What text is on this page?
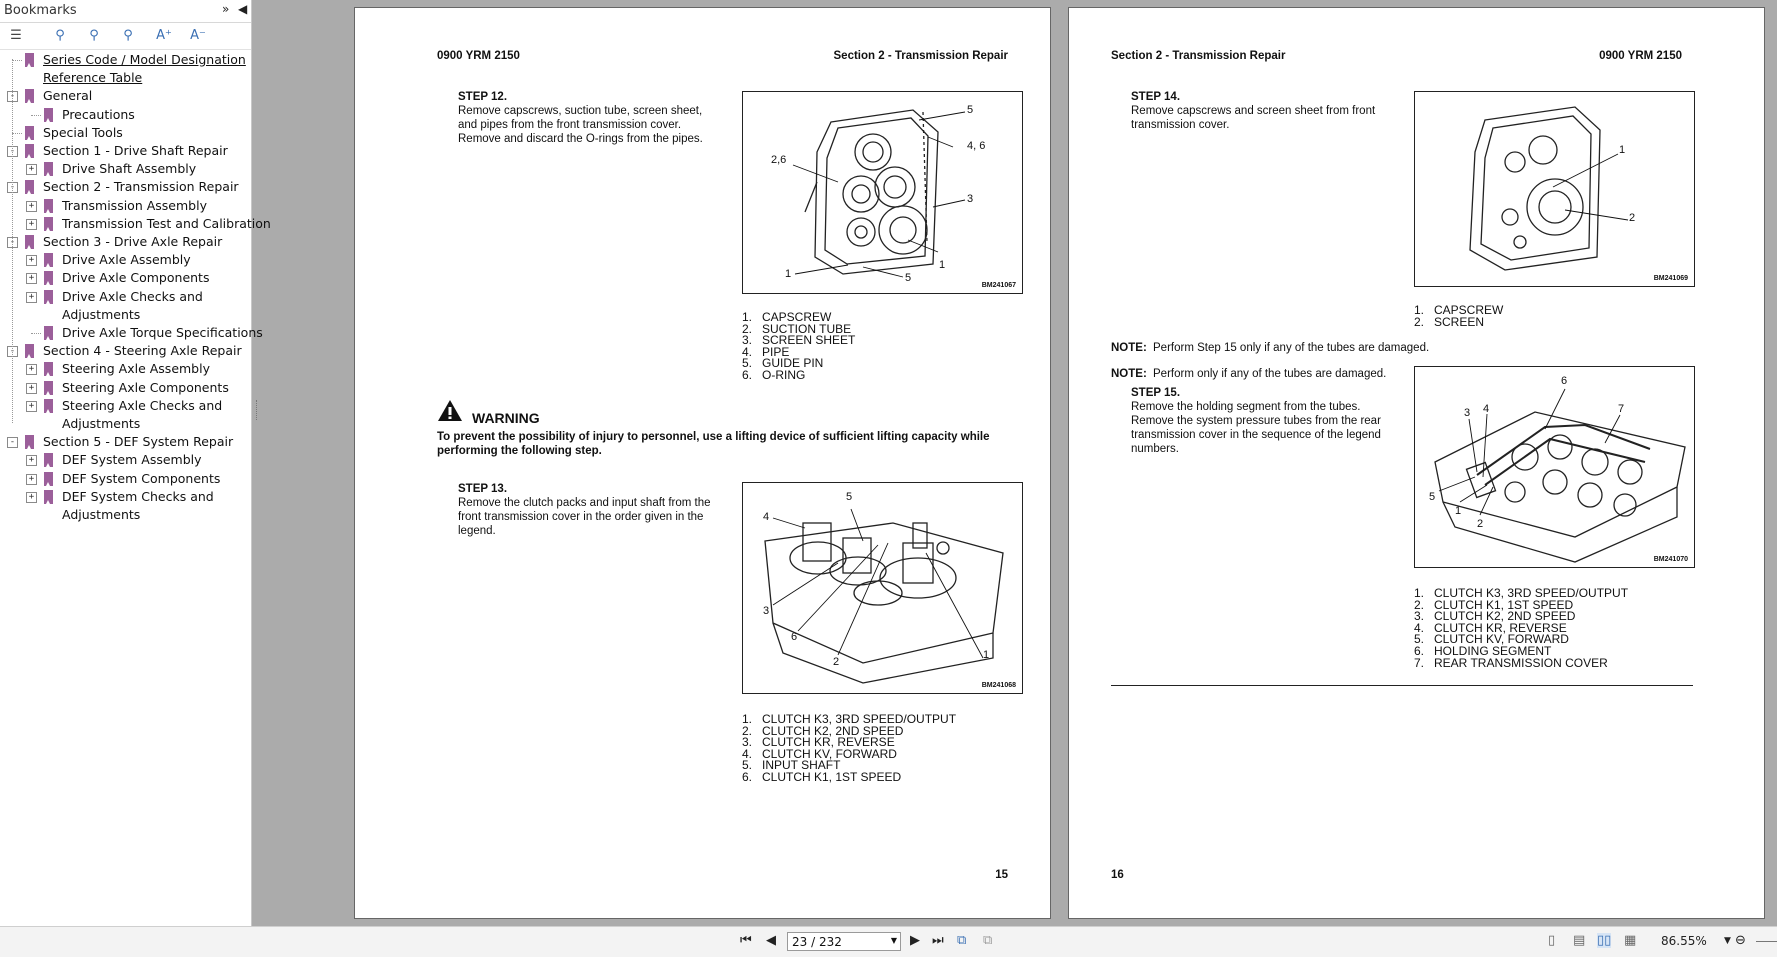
Bookmarks	» ◀
☰	⚲	⚲	⚲	A⁺ A⁻
Series Code / Model Designation
Reference Table
- General
Precautions
Special Tools
- Section 1 - Drive Shaft Repair
+ Drive Shaft Assembly
- Section 2 - Transmission Repair
+ Transmission Assembly
+ Transmission Test and Calibration
- Section 3 - Drive Axle Repair
+ Drive Axle Assembly
+ Drive Axle Components
+ Drive Axle Checks and
Adjustments
Drive Axle Torque Specifications
- Section 4 - Steering Axle Repair
+ Steering Axle Assembly
+ Steering Axle Components
+ Steering Axle Checks and
Adjustments
- Section 5 - DEF System Repair
+ DEF System Assembly
+ DEF System Components
+ DEF System Checks and
Adjustments
0900 YRM 2150	Section 2 - Transmission Repair
STEP 12.
Remove capscrews, suction tube, screen sheet,
and pipes from the front transmission cover.
Remove and discard the O-rings from the pipes.
5
4, 6
2,6
3
1
1	5
BM241067
1. CAPSCREW
2. SUCTION TUBE
3. SCREEN SHEET
4. PIPE
5. GUIDE PIN
6. O-RING
WARNING
To prevent the possibility of injury to personnel, use a lifting device of sufficient lifting capacity while
performing the following step.
STEP 13.
Remove the clutch packs and input shaft from the
front transmission cover in the order given in the
legend.
5
4
3
6
2
1
BM241068
1. CLUTCH K3, 3RD SPEED/OUTPUT
2. CLUTCH K2, 2ND SPEED
3. CLUTCH KR, REVERSE
4. CLUTCH KV, FORWARD
5. INPUT SHAFT
6. CLUTCH K1, 1ST SPEED
15
Section 2 - Transmission Repair	0900 YRM 2150
STEP 14.
Remove capscrews and screen sheet from front
transmission cover.
1
2
BM241069
1. CAPSCREW
2. SCREEN
NOTE: Perform Step 15 only if any of the tubes are damaged.
NOTE: Perform only if any of the tubes are damaged.
STEP 15.
Remove the holding segment from the tubes.
Remove the system pressure tubes from the rear
transmission cover in the sequence of the legend
numbers.
6
7
3 4
5
1
2
BM241070
1. CLUTCH K3, 3RD SPEED/OUTPUT
2. CLUTCH K1, 1ST SPEED
3. CLUTCH K2, 2ND SPEED
4. CLUTCH KR, REVERSE
5. CLUTCH KV, FORWARD
6. HOLDING SEGMENT
7. REAR TRANSMISSION COVER
16
⏮ ◀ 23 / 232	▼ ▶ ⏭ ⧉ ⧉	▯ ▤ ▯▯ ▦ 86.55% ▼ ⊖
